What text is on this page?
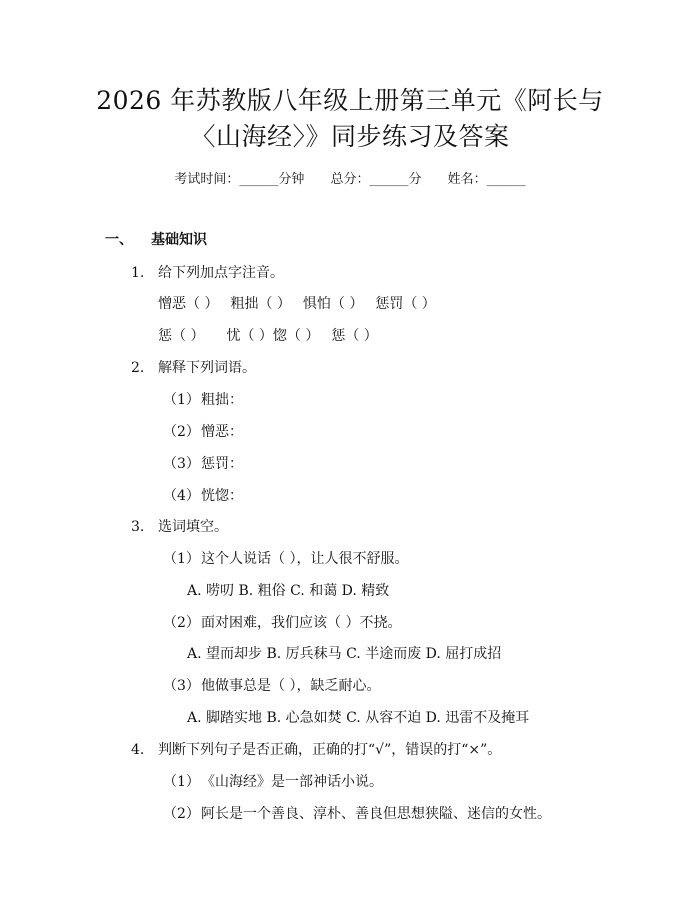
2026 年苏教版八年级上册第三单元《阿长与
〈山海经〉》同步练习及答案
考试时间：______分钟 总分：______分 姓名：______
一、 基础知识
1. 给下列加点字注音。
憎恶（ ） 粗拙（ ） 惧怕（ ） 惩罚（ ）
惩（ ） 忧（ ）惚（ ） 惩（ ）
2. 解释下列词语。
（1）粗拙：
（2）憎恶：
（3）惩罚：
（4）恍惚：
3. 选词填空。
（1）这个人说话（ ），让人很不舒服。
A. 唠叨 B. 粗俗 C. 和蔼 D. 精致
（2）面对困难，我们应该（ ）不挠。
A. 望而却步 B. 厉兵秣马 C. 半途而废 D. 屈打成招
（3）他做事总是（ ），缺乏耐心。
A. 脚踏实地 B. 心急如焚 C. 从容不迫 D. 迅雷不及掩耳
4. 判断下列句子是否正确，正确的打“√”，错误的打“×”。
（1）《山海经》是一部神话小说。
（2）阿长是一个善良、淳朴、善良但思想狭隘、迷信的女性。
